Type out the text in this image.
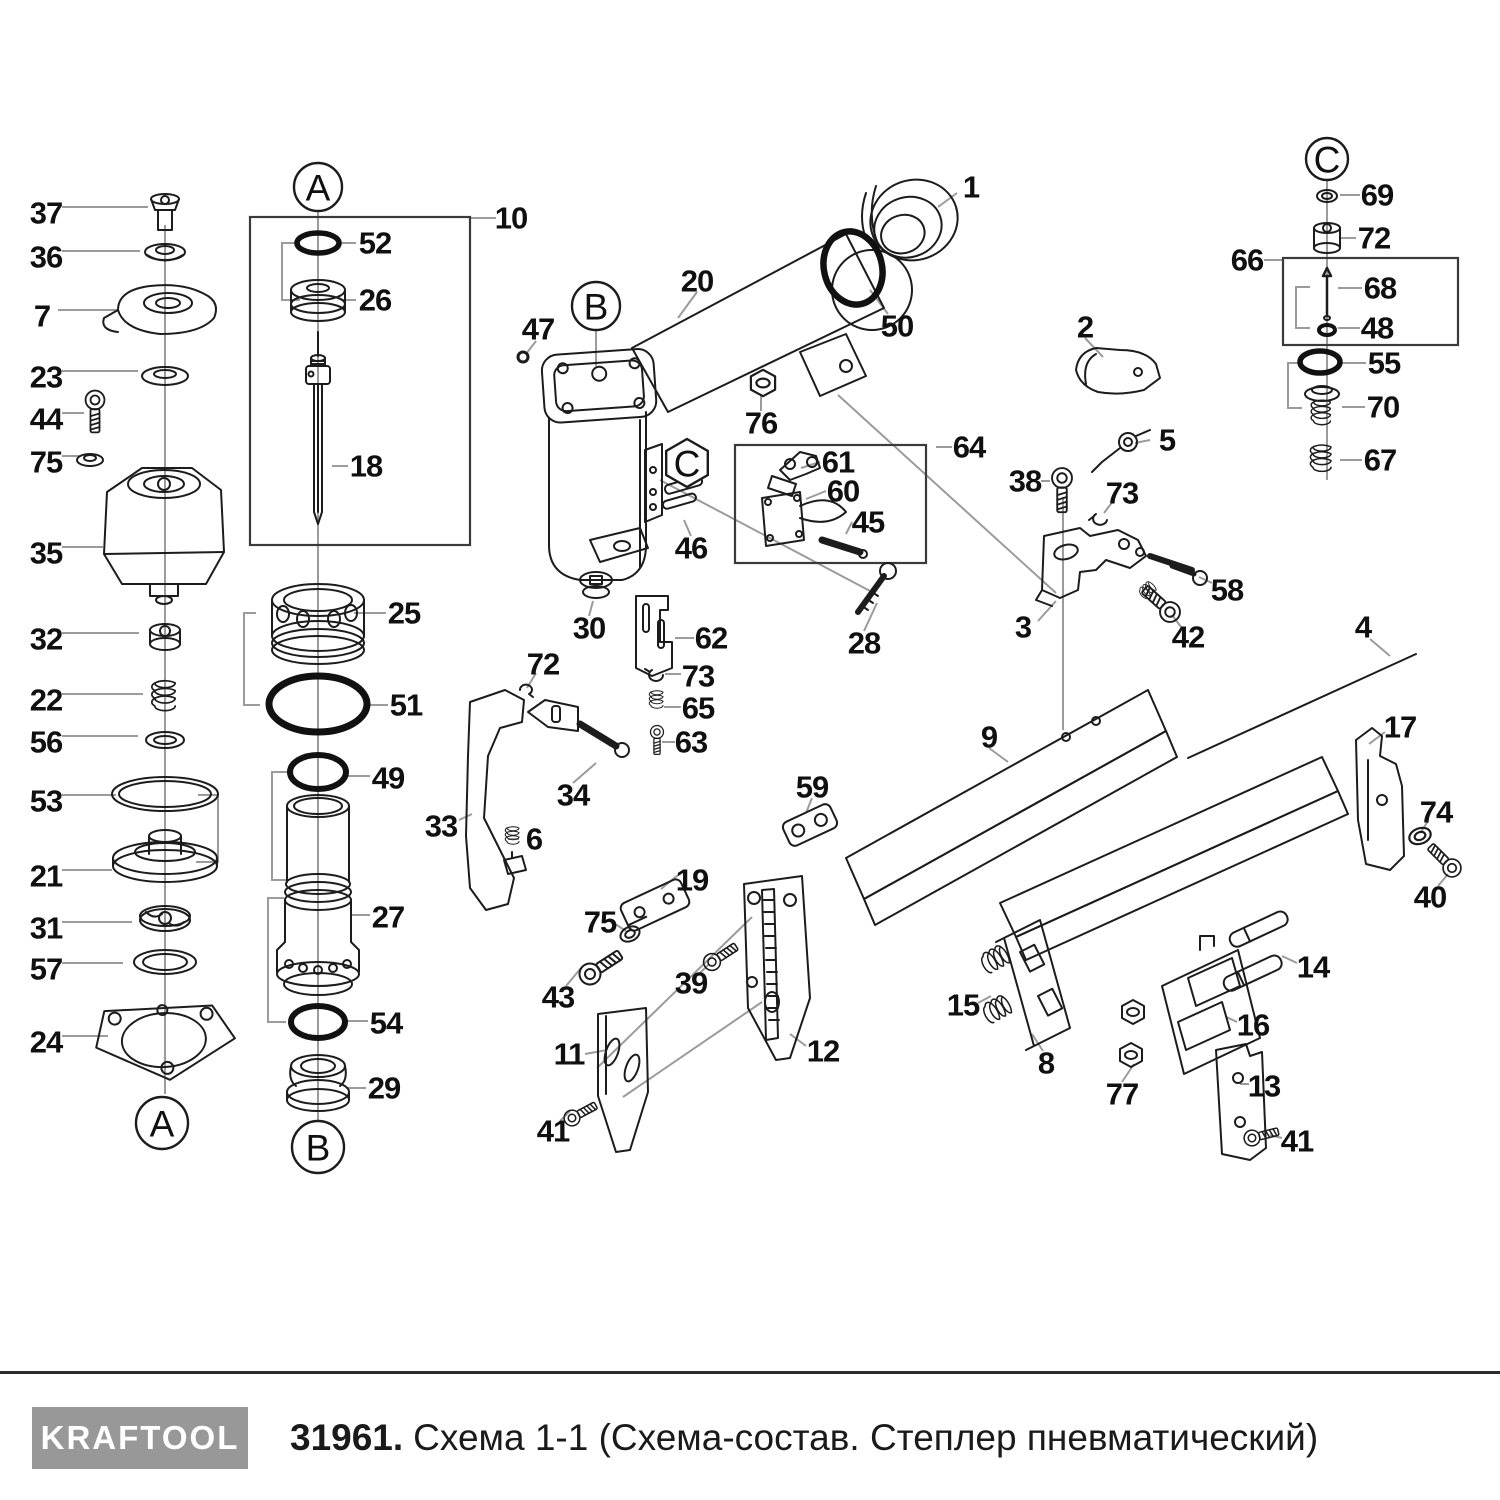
A
A
B
B
C
C
37
36
7
23
44
75
35
32
22
56
53
21
31
57
24
52
26
10
18
25
51
49
33
27
54
29
20
1
50
76
47
46
30	62
73
65
63
72
34
6
64
61
60
45
28
59
19
75
43	39
11
41
12
9
2
5
38 73
3	42
58
4
17
74
40
15
8
77
16
14
13
41
69
72
66
68
48
55
70
67
KRAFTOOL 31961. Схема 1-1 (Схема-состав. Степлер пневматический)
